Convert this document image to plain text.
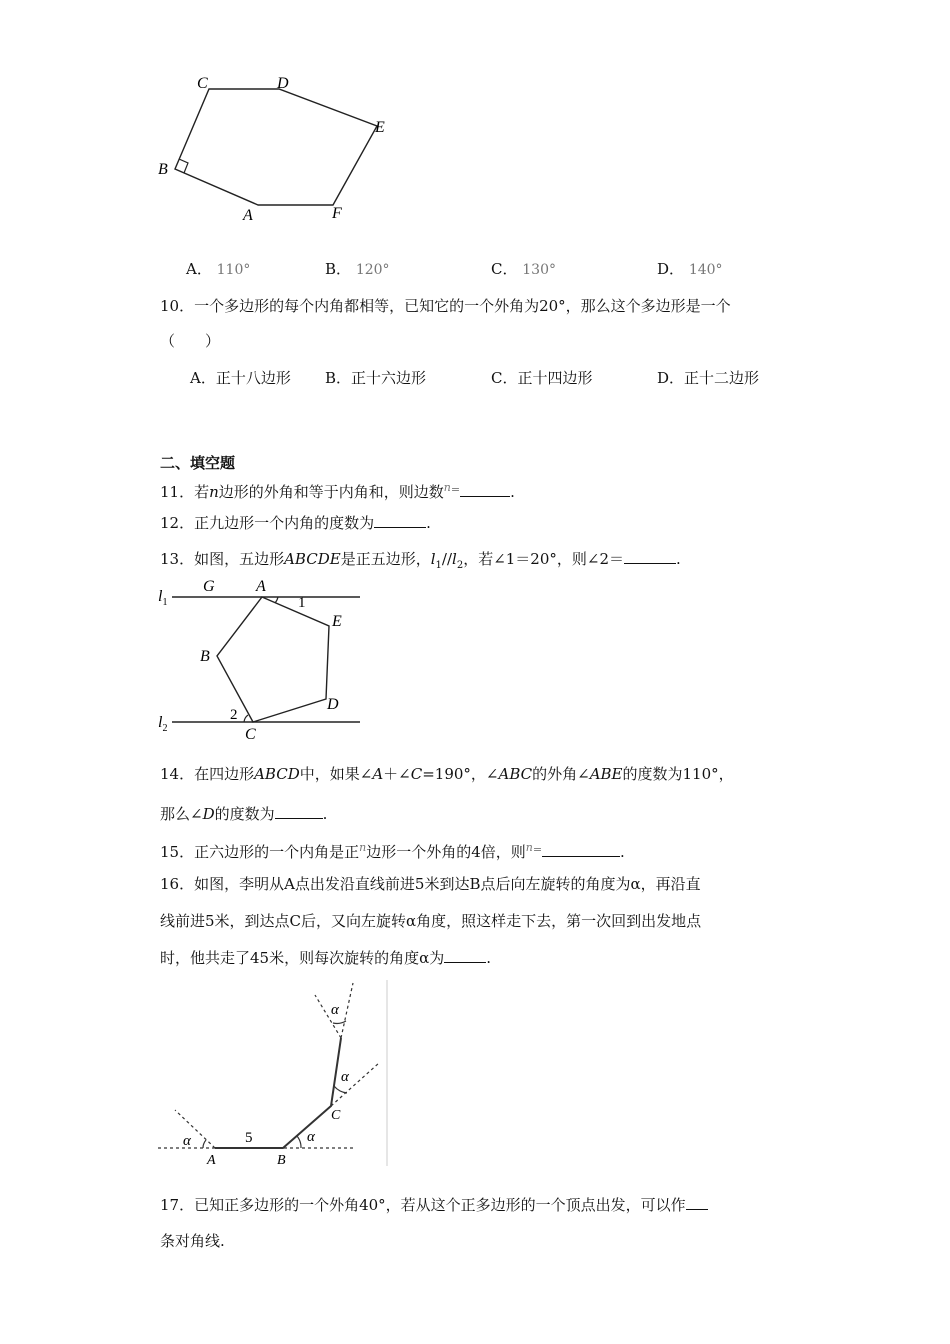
C	D
E
B
A	F
A． 110°	B． 120°	C． 130°	D． 140°
10．一个多边形的每个内角都相等，已知它的一个外角为20°，那么这个多边形是一个
（　　）
A．正十八边形 B．正十六边形	C．正十四边形	D．正十二边形
二、填空题
11．若n边形的外角和等于内角和，则边数$^{n=}$	.
12．正九边形一个内角的度数为	.
13．如图，五边形ABCDE是正五边形，$l_1//l_2$，若∠1＝20°，则∠2＝	.
$l_1$
$l_2$
G	A
1
E
B
D
2
C
14．在四边形ABCD中，如果∠A＋∠C=190°，∠ABC的外角∠ABE的度数为110°，
那么∠D的度数为	.
15．正六边形的一个内角是正$^n$边形一个外角的4倍，则$^{n=}$	.
16．如图，李明从A点出发沿直线前进5米到达B点后向左旋转的角度为α，再沿直
线前进5米，到达点C后，又向左旋转α角度，照这样走下去，第一次回到出发地点
时，他共走了45米，则每次旋转的角度α为	.
α	5	α
α
α
A	B
C
17．已知正多边形的一个外角40°，若从这个正多边形的一个顶点出发，可以作
条对角线.
